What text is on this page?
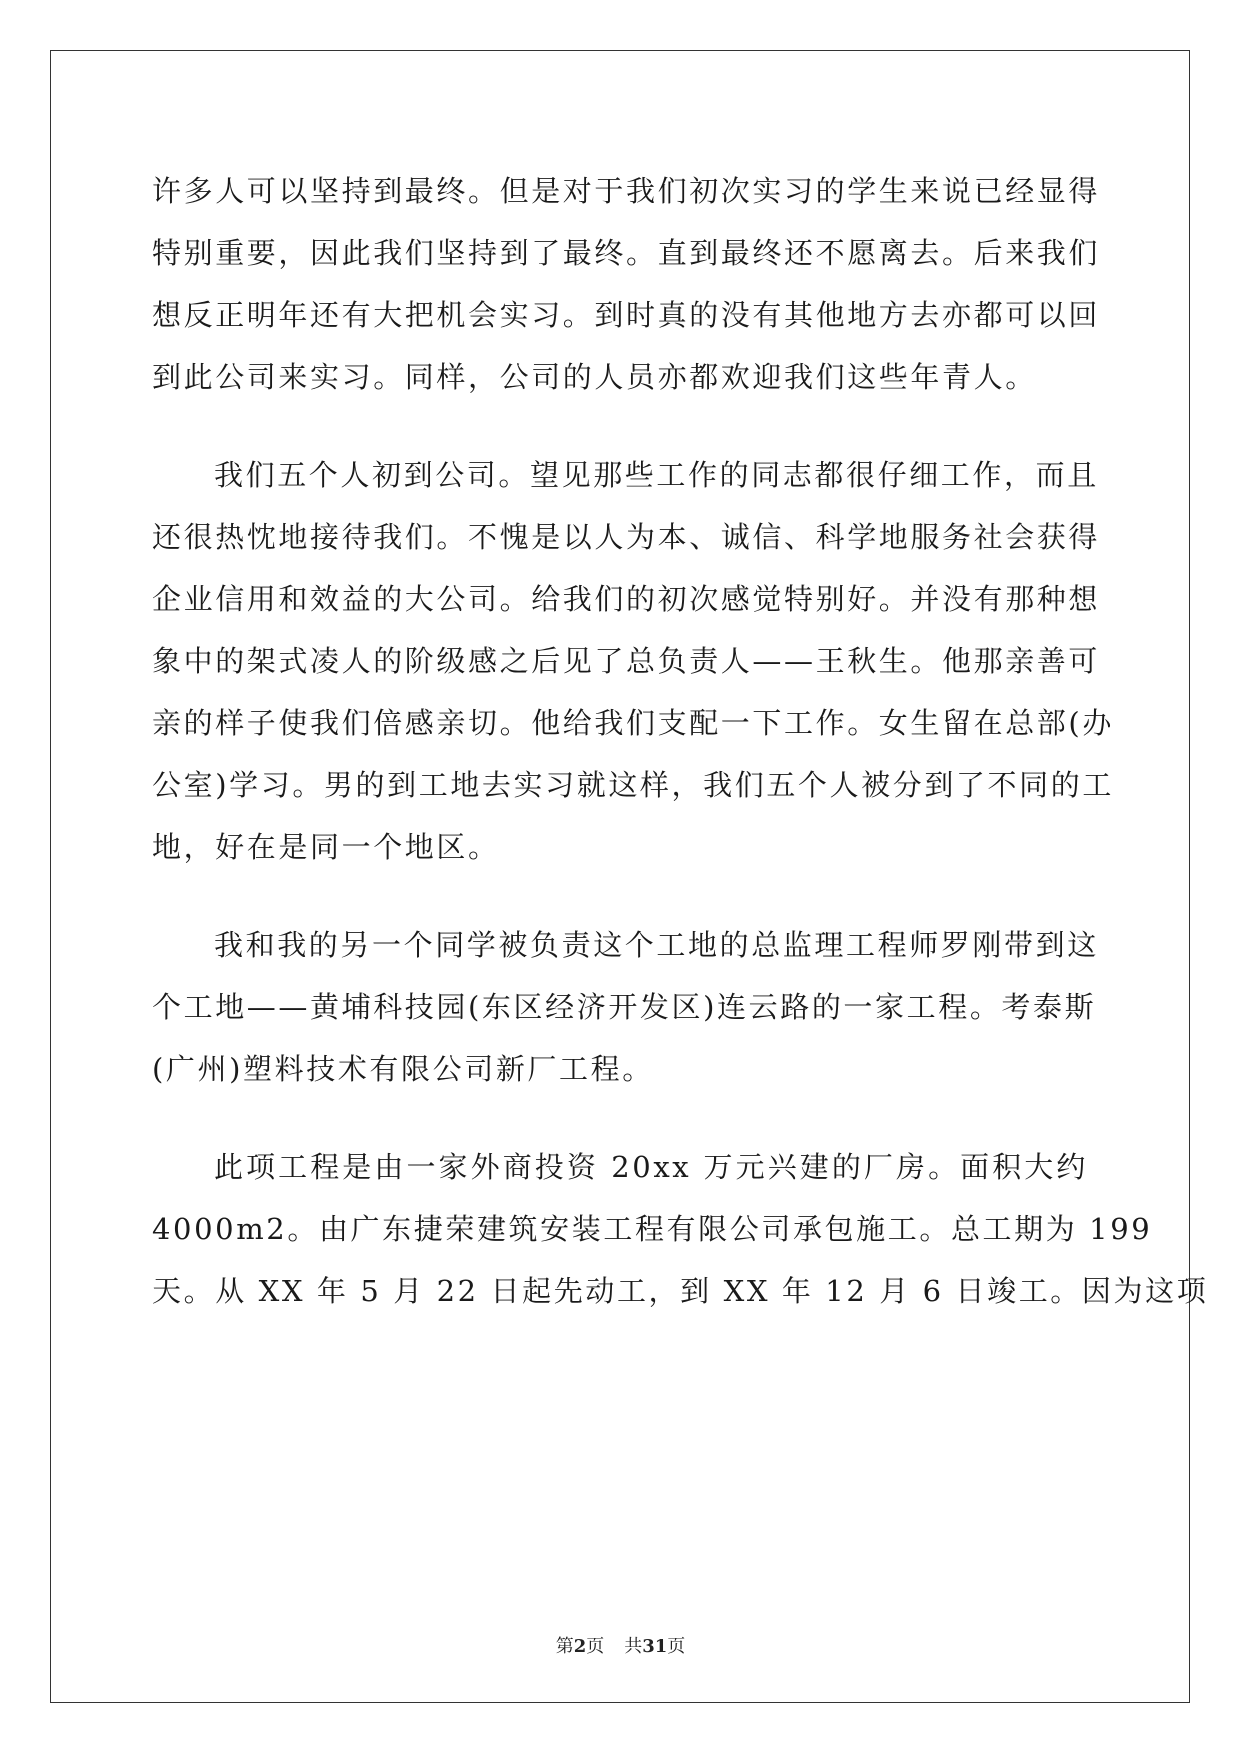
许多人可以坚持到最终。但是对于我们初次实习的学生来说已经显得
特别重要，因此我们坚持到了最终。直到最终还不愿离去。后来我们
想反正明年还有大把机会实习。到时真的没有其他地方去亦都可以回
到此公司来实习。同样，公司的人员亦都欢迎我们这些年青人。
我们五个人初到公司。望见那些工作的同志都很仔细工作，而且
还很热忱地接待我们。不愧是以人为本、诚信、科学地服务社会获得
企业信用和效益的大公司。给我们的初次感觉特别好。并没有那种想
象中的架式凌人的阶级感之后见了总负责人——王秋生。他那亲善可
亲的样子使我们倍感亲切。他给我们支配一下工作。女生留在总部(办
公室)学习。男的到工地去实习就这样，我们五个人被分到了不同的工
地，好在是同一个地区。
我和我的另一个同学被负责这个工地的总监理工程师罗刚带到这
个工地——黄埔科技园(东区经济开发区)连云路的一家工程。考泰斯
(广州)塑料技术有限公司新厂工程。
此项工程是由一家外商投资 20xx 万元兴建的厂房。面积大约
4000m2。由广东捷荣建筑安装工程有限公司承包施工。总工期为 199
天。从 XX 年 5 月 22 日起先动工，到 XX 年 12 月 6 日竣工。因为这项
第2页 共31页
